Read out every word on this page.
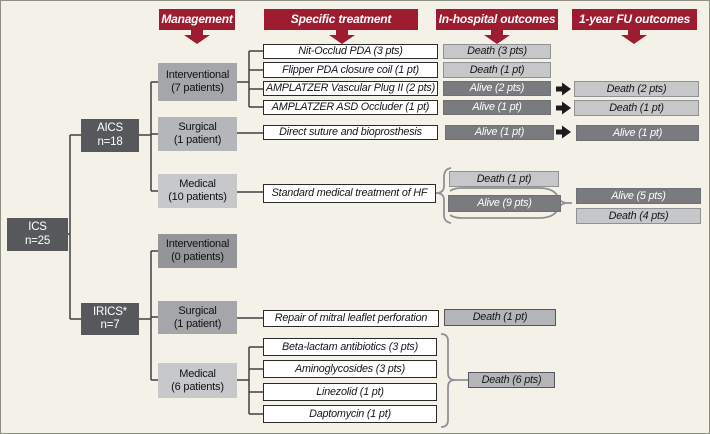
Management	Specific treatment	In-hospital outcomes	1-year FU outcomes
ICS
n=25
AICS
n=18
IRICS*
n=7
Interventional
(7 patients)
Surgical
(1 patient)
Medical
(10 patients)
Interventional
(0 patients)
Surgical
(1 patient)
Medical
(6 patients)
Nit-Occlud PDA (3 pts)
Flipper PDA closure coil (1 pt)
AMPLATZER Vascular Plug II (2 pts)
AMPLATZER ASD Occluder (1 pt)
Direct suture and bioprosthesis
Standard medical treatment of HF
Repair of mitral leaflet perforation
Beta-lactam antibiotics (3 pts)
Aminoglycosides (3 pts)
Linezolid (1 pt)
Daptomycin (1 pt)
Death (3 pts)
Death (1 pt)
Alive (2 pts)
Alive (1 pt)
Alive (1 pt)
Death (1 pt)
Alive (9 pts)
Death (1 pt)
Death (6 pts)
Death (2 pts)
Death (1 pt)
Alive (1 pt)
Alive (5 pts)
Death (4 pts)
